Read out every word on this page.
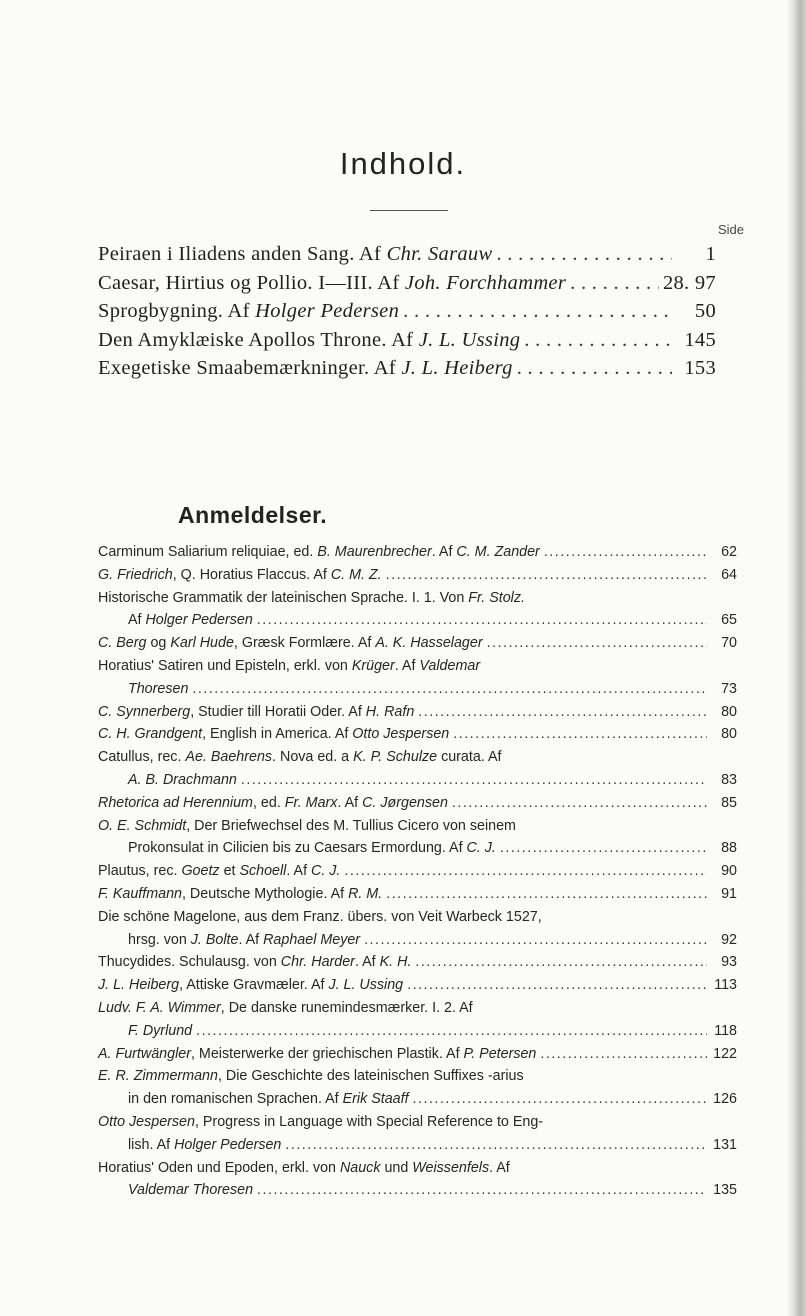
Indhold.
Side
Peiraen i Iliadens anden Sang. Af Chr. Sarauw . . .	1
Caesar, Hirtius og Pollio. I—III. Af Joh. Forchhammer . . .	28. 97
Sprogbygning. Af Holger Pedersen . . .	50
Den Amyklæiske Apollos Throne. Af J. L. Ussing . . .	145
Exegetiske Smaabemærkninger. Af J. L. Heiberg . . .	153
Anmeldelser.
Carminum Saliarium reliquiae, ed. B. Maurenbrecher. Af C. M. Zander .....	62
G. Friedrich, Q. Horatius Flaccus. Af C. M. Z. .....	64
Historische Grammatik der lateinischen Sprache. I. 1. Von Fr. Stolz.
Af Holger Pedersen .....	65
C. Berg og Karl Hude, Græsk Formlære. Af A. K. Hasselager .....	70
Horatius' Satiren und Episteln, erkl. von Krüger. Af Valdemar
Thoresen .....	73
C. Synnerberg, Studier till Horatii Oder. Af H. Rafn .....	80
C. H. Grandgent, English in America. Af Otto Jespersen .....	80
Catullus, rec. Ae. Baehrens. Nova ed. a K. P. Schulze curata. Af
A. B. Drachmann .....	83
Rhetorica ad Herennium, ed. Fr. Marx. Af C. Jørgensen .....	85
O. E. Schmidt, Der Briefwechsel des M. Tullius Cicero von seinem
Prokonsulat in Cilicien bis zu Caesars Ermordung. Af C. J. .....	88
Plautus, rec. Goetz et Schoell. Af C. J. .....	90
F. Kauffmann, Deutsche Mythologie. Af R. M. .....	91
Die schöne Magelone, aus dem Franz. übers. von Veit Warbeck 1527,
hrsg. von J. Bolte. Af Raphael Meyer .....	92
Thucydides. Schulausg. von Chr. Harder. Af K. H. .....	93
J. L. Heiberg, Attiske Gravmæler. Af J. L. Ussing .....	113
Ludv. F. A. Wimmer, De danske runemindesmærker. I. 2. Af
F. Dyrlund .....	118
A. Furtwängler, Meisterwerke der griechischen Plastik. Af P. Petersen .....	122
E. R. Zimmermann, Die Geschichte des lateinischen Suffixes -arius
in den romanischen Sprachen. Af Erik Staaff .....	126
Otto Jespersen, Progress in Language with Special Reference to Eng-
lish. Af Holger Pedersen .....	131
Horatius' Oden und Epoden, erkl. von Nauck und Weissenfels. Af
Valdemar Thoresen .....	135
